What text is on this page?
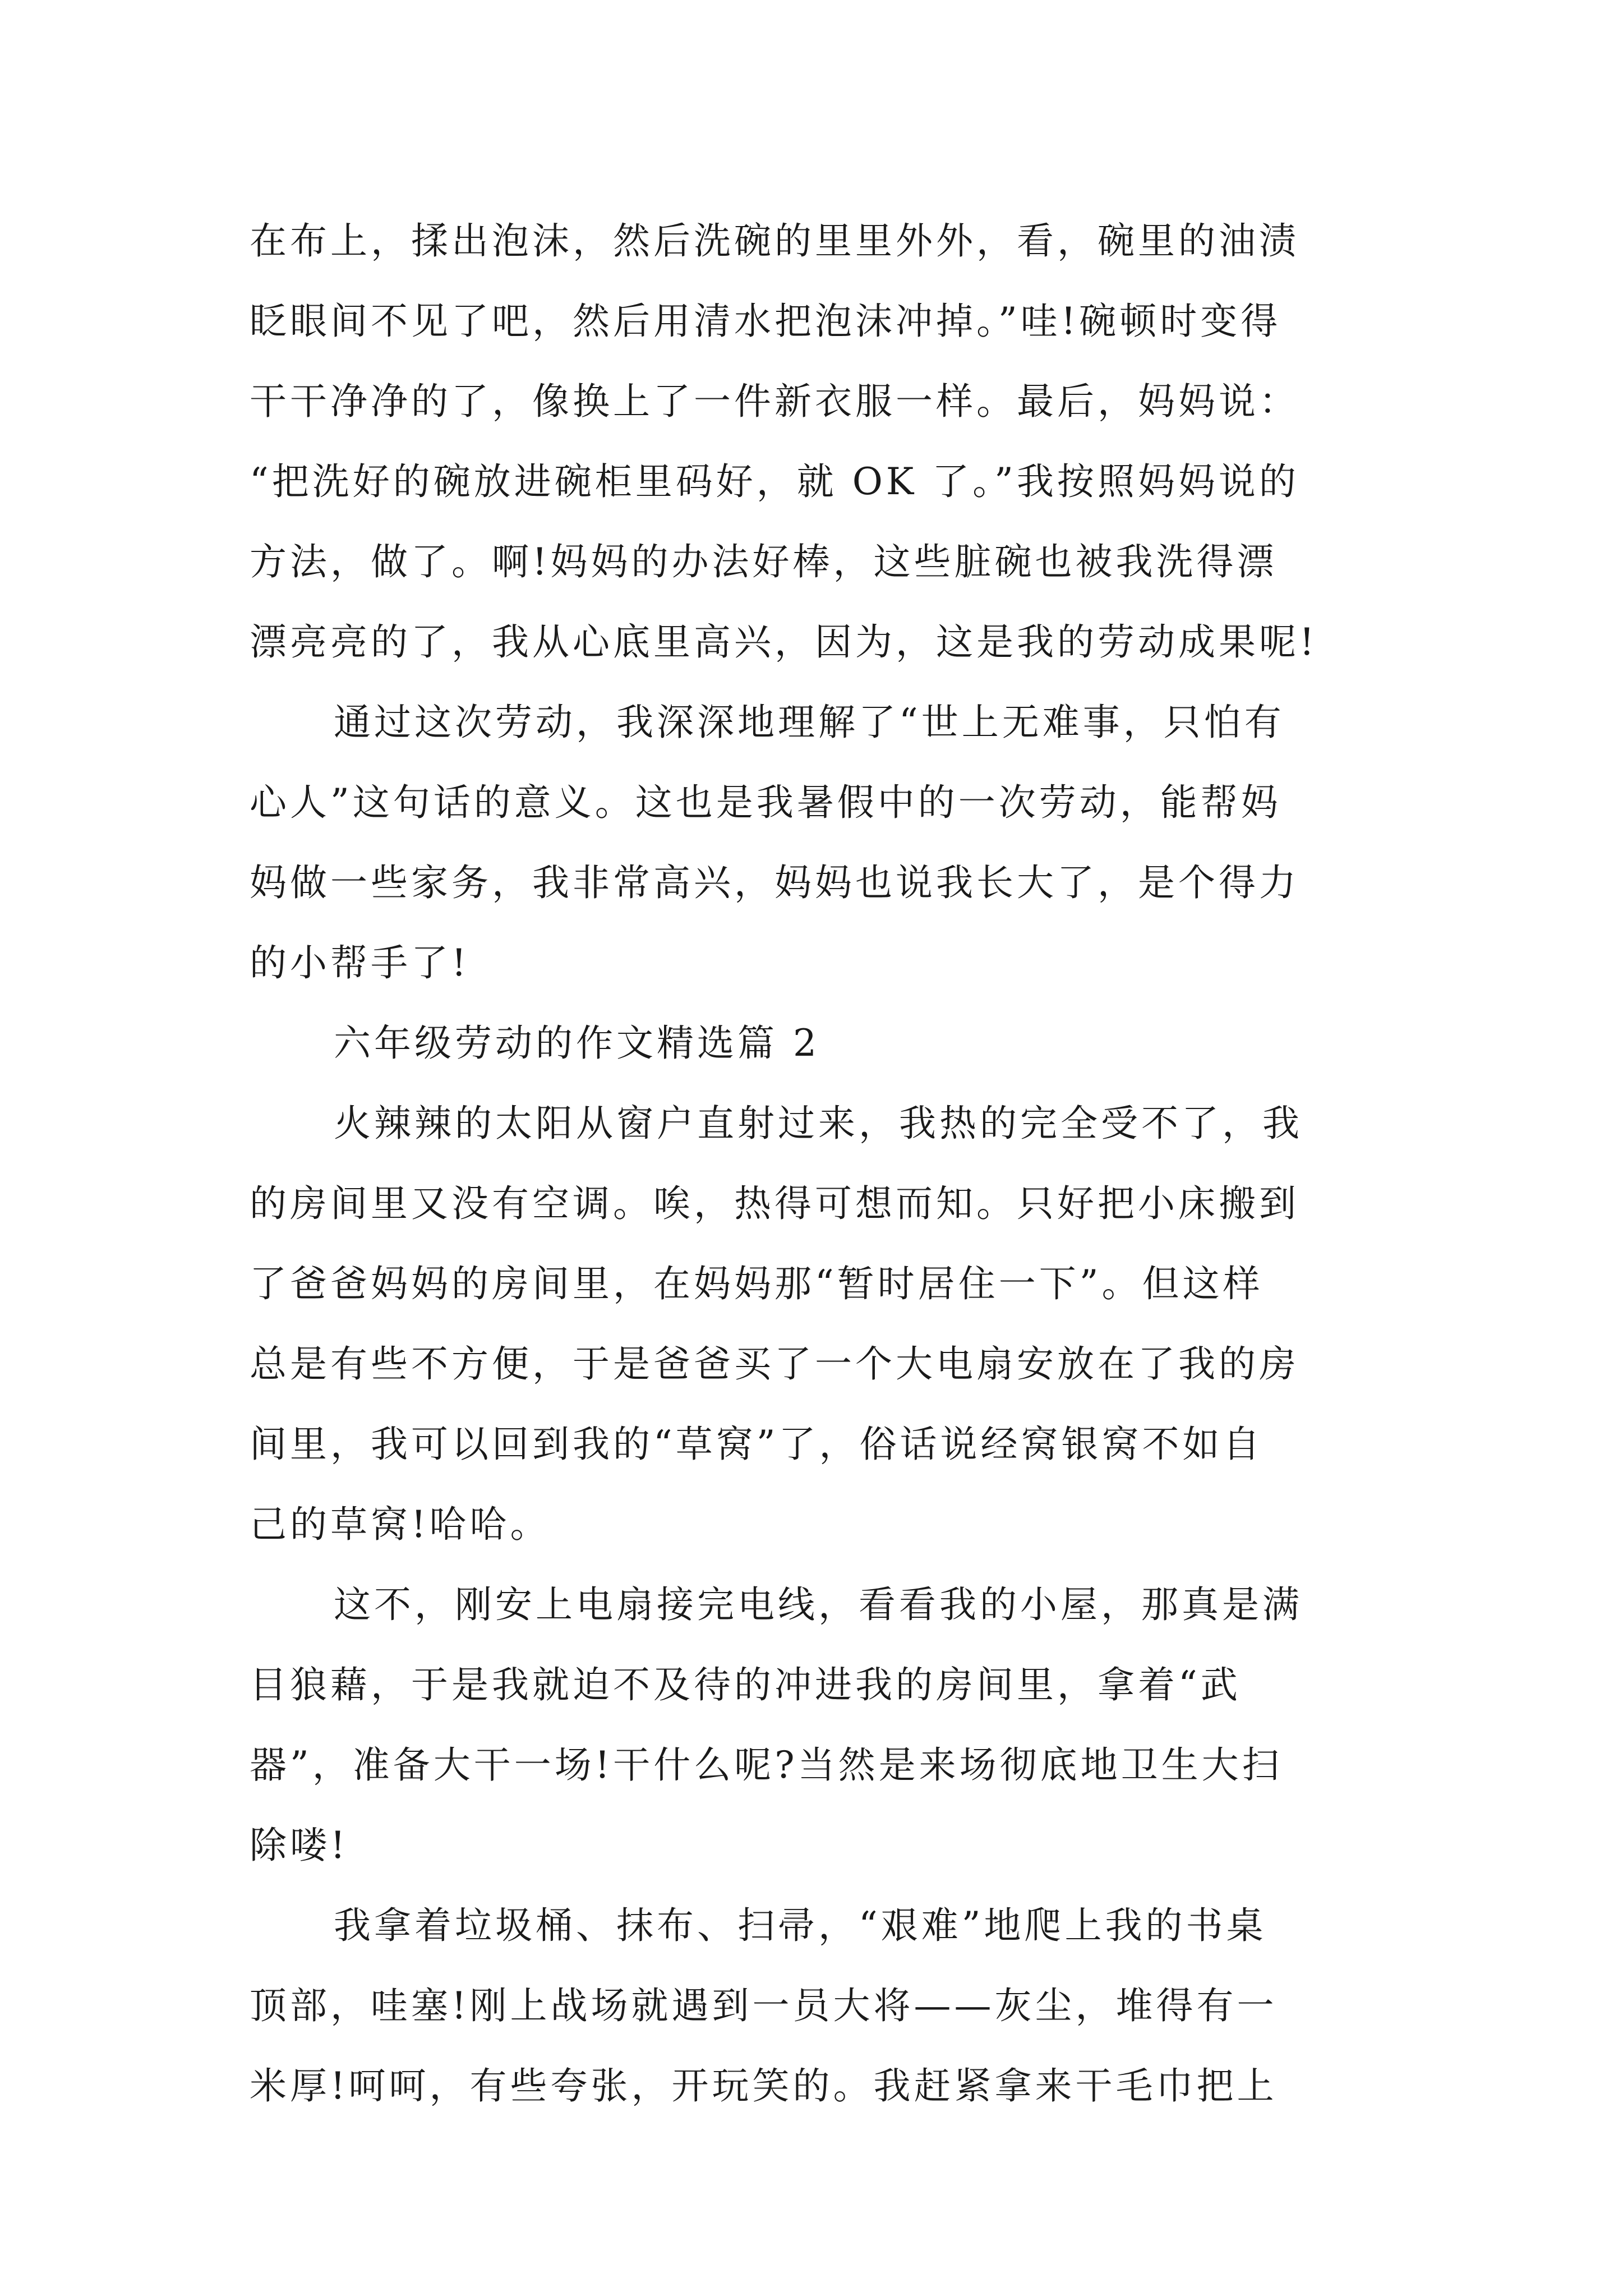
在布上，揉出泡沫，然后洗碗的里里外外，看，碗里的油渍
眨眼间不见了吧，然后用清水把泡沫冲掉。”哇!碗顿时变得
干干净净的了，像换上了一件新衣服一样。最后，妈妈说：
“把洗好的碗放进碗柜里码好，就 OK 了。”我按照妈妈说的
方法，做了。啊!妈妈的办法好棒，这些脏碗也被我洗得漂
漂亮亮的了，我从心底里高兴，因为，这是我的劳动成果呢!
通过这次劳动，我深深地理解了“世上无难事，只怕有
心人”这句话的意义。这也是我暑假中的一次劳动，能帮妈
妈做一些家务，我非常高兴，妈妈也说我长大了，是个得力
的小帮手了!
六年级劳动的作文精选篇 2
火辣辣的太阳从窗户直射过来，我热的完全受不了，我
的房间里又没有空调。唉，热得可想而知。只好把小床搬到
了爸爸妈妈的房间里，在妈妈那“暂时居住一下”。但这样
总是有些不方便，于是爸爸买了一个大电扇安放在了我的房
间里，我可以回到我的“草窝”了，俗话说经窝银窝不如自
己的草窝!哈哈。
这不，刚安上电扇接完电线，看看我的小屋，那真是满
目狼藉，于是我就迫不及待的冲进我的房间里，拿着“武
器”，准备大干一场!干什么呢?当然是来场彻底地卫生大扫
除喽!
我拿着垃圾桶、抹布、扫帚，“艰难”地爬上我的书桌
顶部，哇塞!刚上战场就遇到一员大将——灰尘，堆得有一
米厚!呵呵，有些夸张，开玩笑的。我赶紧拿来干毛巾把上
